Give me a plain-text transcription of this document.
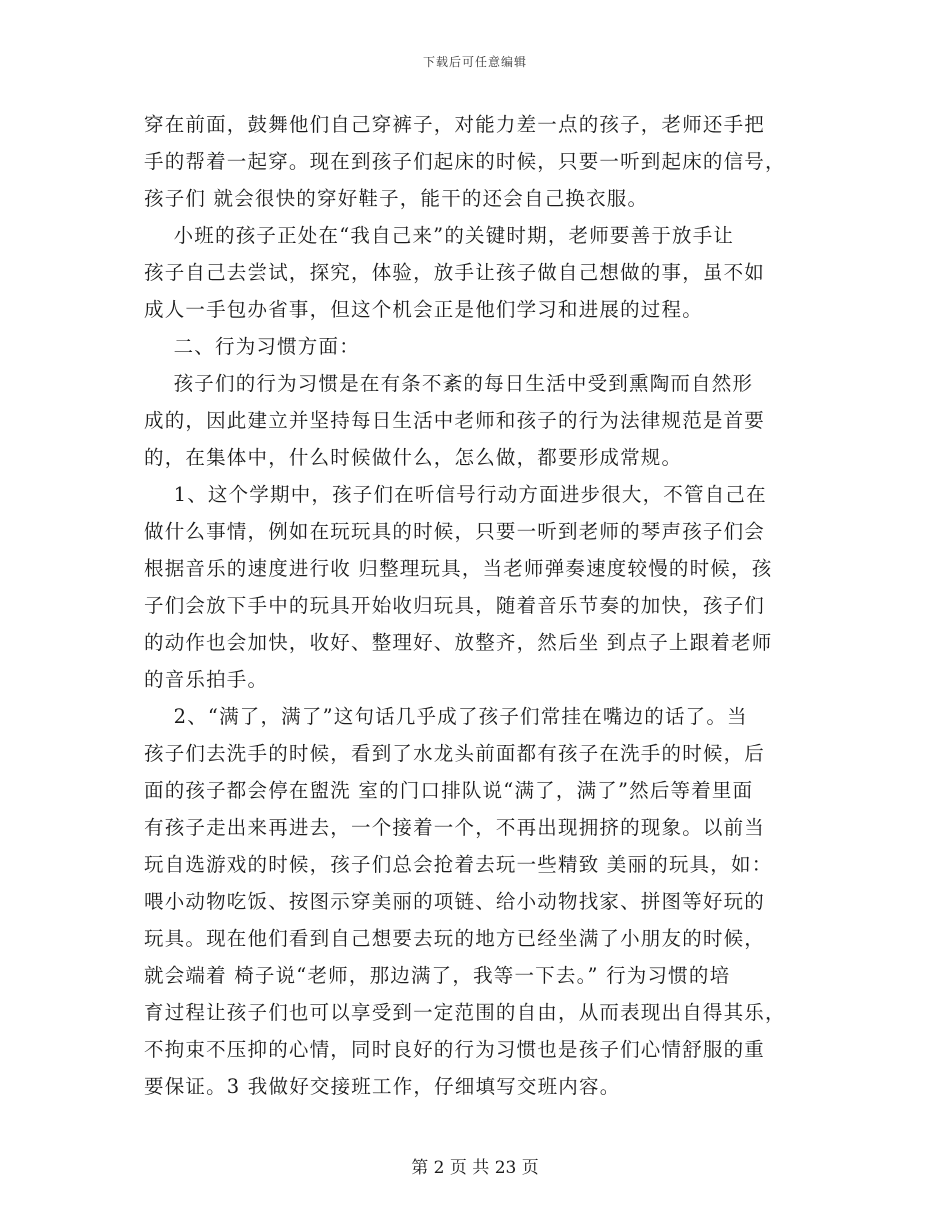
下载后可任意编辑
穿在前面，鼓舞他们自己穿裤子，对能力差一点的孩子，老师还手把
手的帮着一起穿。现在到孩子们起床的时候，只要一听到起床的信号，
孩子们 就会很快的穿好鞋子，能干的还会自己换衣服。
小班的孩子正处在“我自己来”的关键时期，老师要善于放手让
孩子自己去尝试，探究，体验，放手让孩子做自己想做的事，虽不如
成人一手包办省事，但这个机会正是他们学习和进展的过程。
二、行为习惯方面：
孩子们的行为习惯是在有条不紊的每日生活中受到熏陶而自然形
成的，因此建立并坚持每日生活中老师和孩子的行为法律规范是首要
的，在集体中，什么时候做什么，怎么做，都要形成常规。
1、这个学期中，孩子们在听信号行动方面进步很大，不管自己在
做什么事情，例如在玩玩具的时候，只要一听到老师的琴声孩子们会
根据音乐的速度进行收 归整理玩具，当老师弹奏速度较慢的时候，孩
子们会放下手中的玩具开始收归玩具，随着音乐节奏的加快，孩子们
的动作也会加快，收好、整理好、放整齐，然后坐 到点子上跟着老师
的音乐拍手。
2、“满了，满了”这句话几乎成了孩子们常挂在嘴边的话了。当
孩子们去洗手的时候，看到了水龙头前面都有孩子在洗手的时候，后
面的孩子都会停在盥洗 室的门口排队说“满了，满了”然后等着里面
有孩子走出来再进去，一个接着一个，不再出现拥挤的现象。以前当
玩自选游戏的时候，孩子们总会抢着去玩一些精致 美丽的玩具，如：
喂小动物吃饭、按图示穿美丽的项链、给小动物找家、拼图等好玩的
玩具。现在他们看到自己想要去玩的地方已经坐满了小朋友的时候，
就会端着 椅子说“老师，那边满了，我等一下去。” 行为习惯的培
育过程让孩子们也可以享受到一定范围的自由，从而表现出自得其乐，
不拘束不压抑的心情，同时良好的行为习惯也是孩子们心情舒服的重
要保证。3 我做好交接班工作，仔细填写交班内容。
第 2 页 共 23 页
